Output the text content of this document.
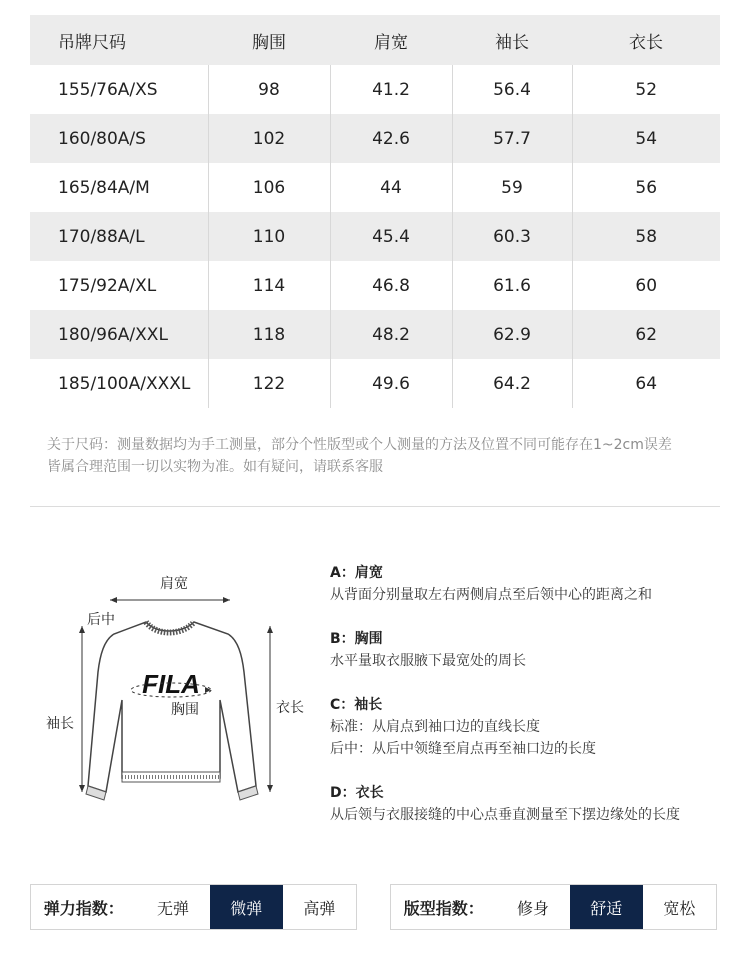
吊牌尺码	胸围	肩宽	袖长	衣长
155/76A/XS	98	41.2	56.4	52
160/80A/S	102	42.6	57.7	54
165/84A/M	106	44	59	56
170/88A/L	110	45.4	60.3	58
175/92A/XL	114	46.8	61.6	60
180/96A/XXL	118	48.2	62.9	62
185/100A/XXXL	122	49.6	64.2	64
关于尺码：测量数据均为手工测量，部分个性版型或个人测量的方法及位置不同可能存在1~2cm误差
皆属合理范围一切以实物为准。如有疑问，请联系客服
FILA
肩宽
后中
胸围
袖长
衣长
A：肩宽
从背面分别量取左右两侧肩点至后领中心的距离之和
B：胸围
水平量取衣服腋下最宽处的周长
C：袖长
标准：从肩点到袖口边的直线长度
后中：从后中领缝至肩点再至袖口边的长度
D：衣长
从后领与衣服接缝的中心点垂直测量至下摆边缘处的长度
弹力指数：	无弹	微弹	高弹	版型指数：	修身	舒适	宽松
